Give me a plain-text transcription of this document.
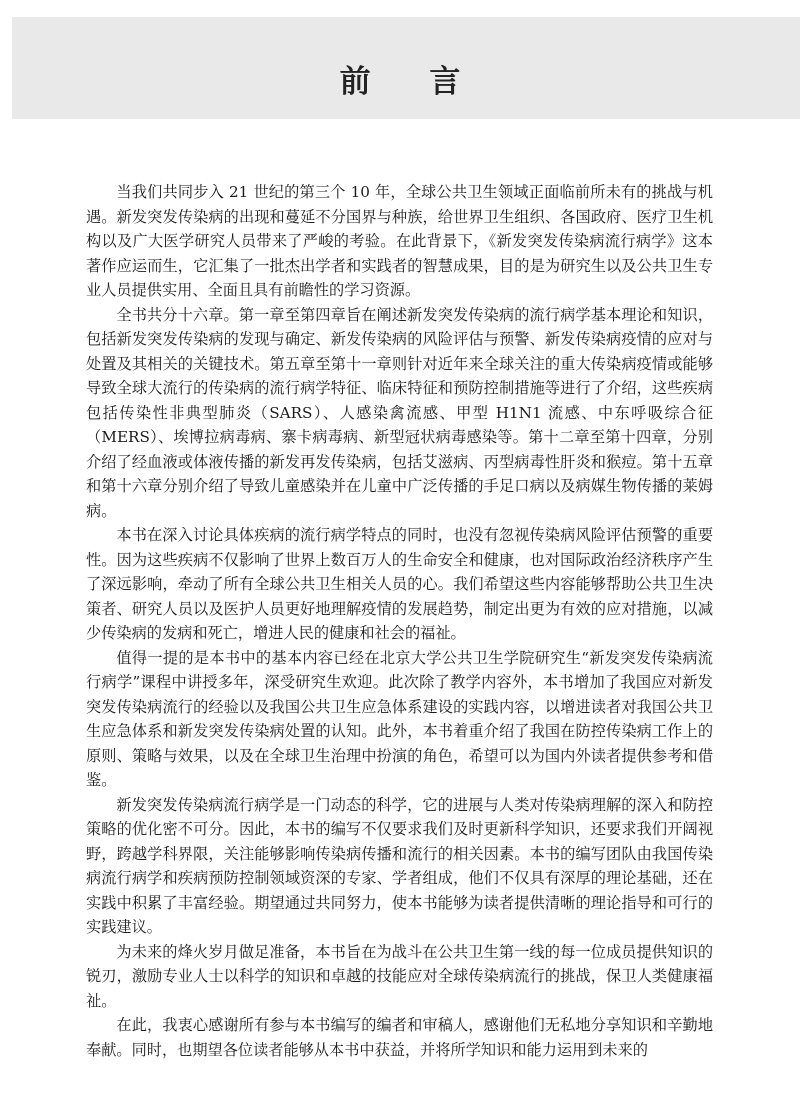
前 言

当我们共同步入 21 世纪的第三个 10 年，全球公共卫生领域正面临前所未有的挑战与机遇。新发突发传染病的出现和蔓延不分国界与种族，给世界卫生组织、各国政府、医疗卫生机构以及广大医学研究人员带来了严峻的考验。在此背景下，《新发突发传染病流行病学》这本著作应运而生，它汇集了一批杰出学者和实践者的智慧成果，目的是为研究生以及公共卫生专业人员提供实用、全面且具有前瞻性的学习资源。

全书共分十六章。第一章至第四章旨在阐述新发突发传染病的流行病学基本理论和知识，包括新发突发传染病的发现与确定、新发传染病的风险评估与预警、新发传染病疫情的应对与处置及其相关的关键技术。第五章至第十一章则针对近年来全球关注的重大传染病疫情或能够导致全球大流行的传染病的流行病学特征、临床特征和预防控制措施等进行了介绍，这些疾病包括传染性非典型肺炎（SARS）、人感染禽流感、甲型 H1N1 流感、中东呼吸综合征（MERS）、埃博拉病毒病、寨卡病毒病、新型冠状病毒感染等。第十二章至第十四章，分别介绍了经血液或体液传播的新发再发传染病，包括艾滋病、丙型病毒性肝炎和猴痘。第十五章和第十六章分别介绍了导致儿童感染并在儿童中广泛传播的手足口病以及病媒生物传播的莱姆病。

本书在深入讨论具体疾病的流行病学特点的同时，也没有忽视传染病风险评估预警的重要性。因为这些疾病不仅影响了世界上数百万人的生命安全和健康，也对国际政治经济秩序产生了深远影响，牵动了所有全球公共卫生相关人员的心。我们希望这些内容能够帮助公共卫生决策者、研究人员以及医护人员更好地理解疫情的发展趋势，制定出更为有效的应对措施，以减少传染病的发病和死亡，增进人民的健康和社会的福祉。

值得一提的是本书中的基本内容已经在北京大学公共卫生学院研究生“新发突发传染病流行病学”课程中讲授多年，深受研究生欢迎。此次除了教学内容外，本书增加了我国应对新发突发传染病流行的经验以及我国公共卫生应急体系建设的实践内容，以增进读者对我国公共卫生应急体系和新发突发传染病处置的认知。此外，本书着重介绍了我国在防控传染病工作上的原则、策略与效果，以及在全球卫生治理中扮演的角色，希望可以为国内外读者提供参考和借鉴。

新发突发传染病流行病学是一门动态的科学，它的进展与人类对传染病理解的深入和防控策略的优化密不可分。因此，本书的编写不仅要求我们及时更新科学知识，还要求我们开阔视野，跨越学科界限，关注能够影响传染病传播和流行的相关因素。本书的编写团队由我国传染病流行病学和疾病预防控制领域资深的专家、学者组成，他们不仅具有深厚的理论基础，还在实践中积累了丰富经验。期望通过共同努力，使本书能够为读者提供清晰的理论指导和可行的实践建议。

为未来的烽火岁月做足准备，本书旨在为战斗在公共卫生第一线的每一位成员提供知识的锐刃，激励专业人士以科学的知识和卓越的技能应对全球传染病流行的挑战，保卫人类健康福祉。

在此，我衷心感谢所有参与本书编写的编者和审稿人，感谢他们无私地分享知识和辛勤地奉献。同时，也期望各位读者能够从本书中获益，并将所学知识和能力运用到未来的
